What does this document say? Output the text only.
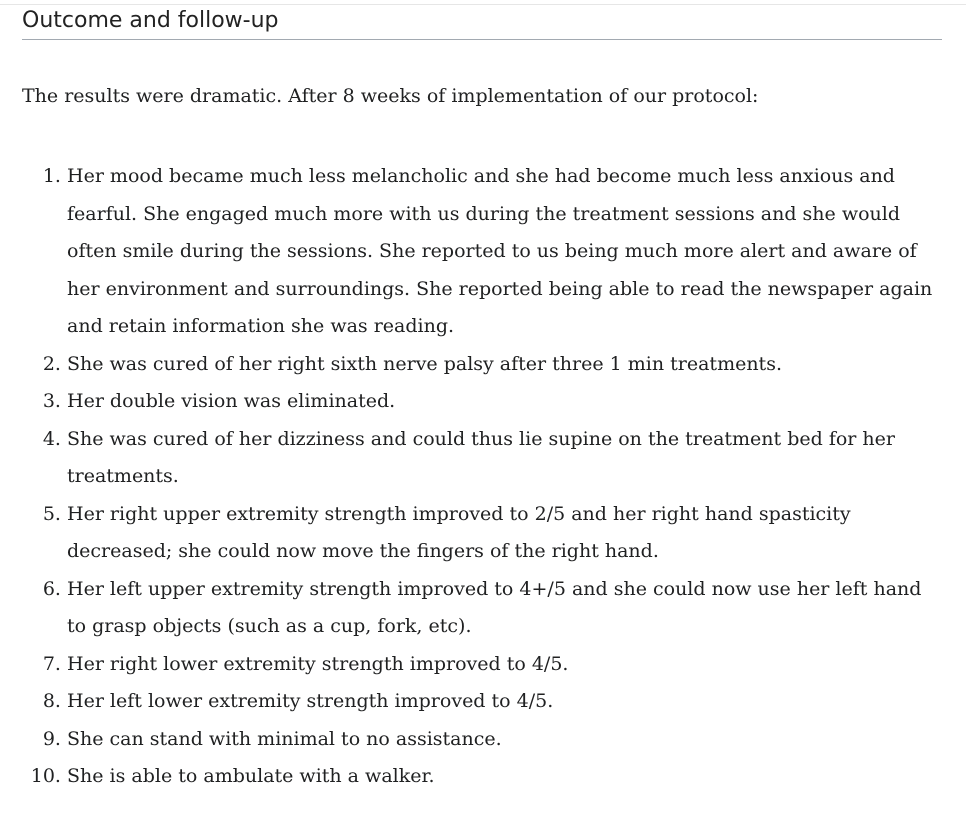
Outcome and follow-up

The results were dramatic. After 8 weeks of implementation of our protocol:

1. Her mood became much less melancholic and she had become much less anxious and fearful. She engaged much more with us during the treatment sessions and she would often smile during the sessions. She reported to us being much more alert and aware of her environment and surroundings. She reported being able to read the newspaper again and retain information she was reading.
2. She was cured of her right sixth nerve palsy after three 1 min treatments.
3. Her double vision was eliminated.
4. She was cured of her dizziness and could thus lie supine on the treatment bed for her treatments.
5. Her right upper extremity strength improved to 2/5 and her right hand spasticity decreased; she could now move the fingers of the right hand.
6. Her left upper extremity strength improved to 4+/5 and she could now use her left hand to grasp objects (such as a cup, fork, etc).
7. Her right lower extremity strength improved to 4/5.
8. Her left lower extremity strength improved to 4/5.
9. She can stand with minimal to no assistance.
10. She is able to ambulate with a walker.
